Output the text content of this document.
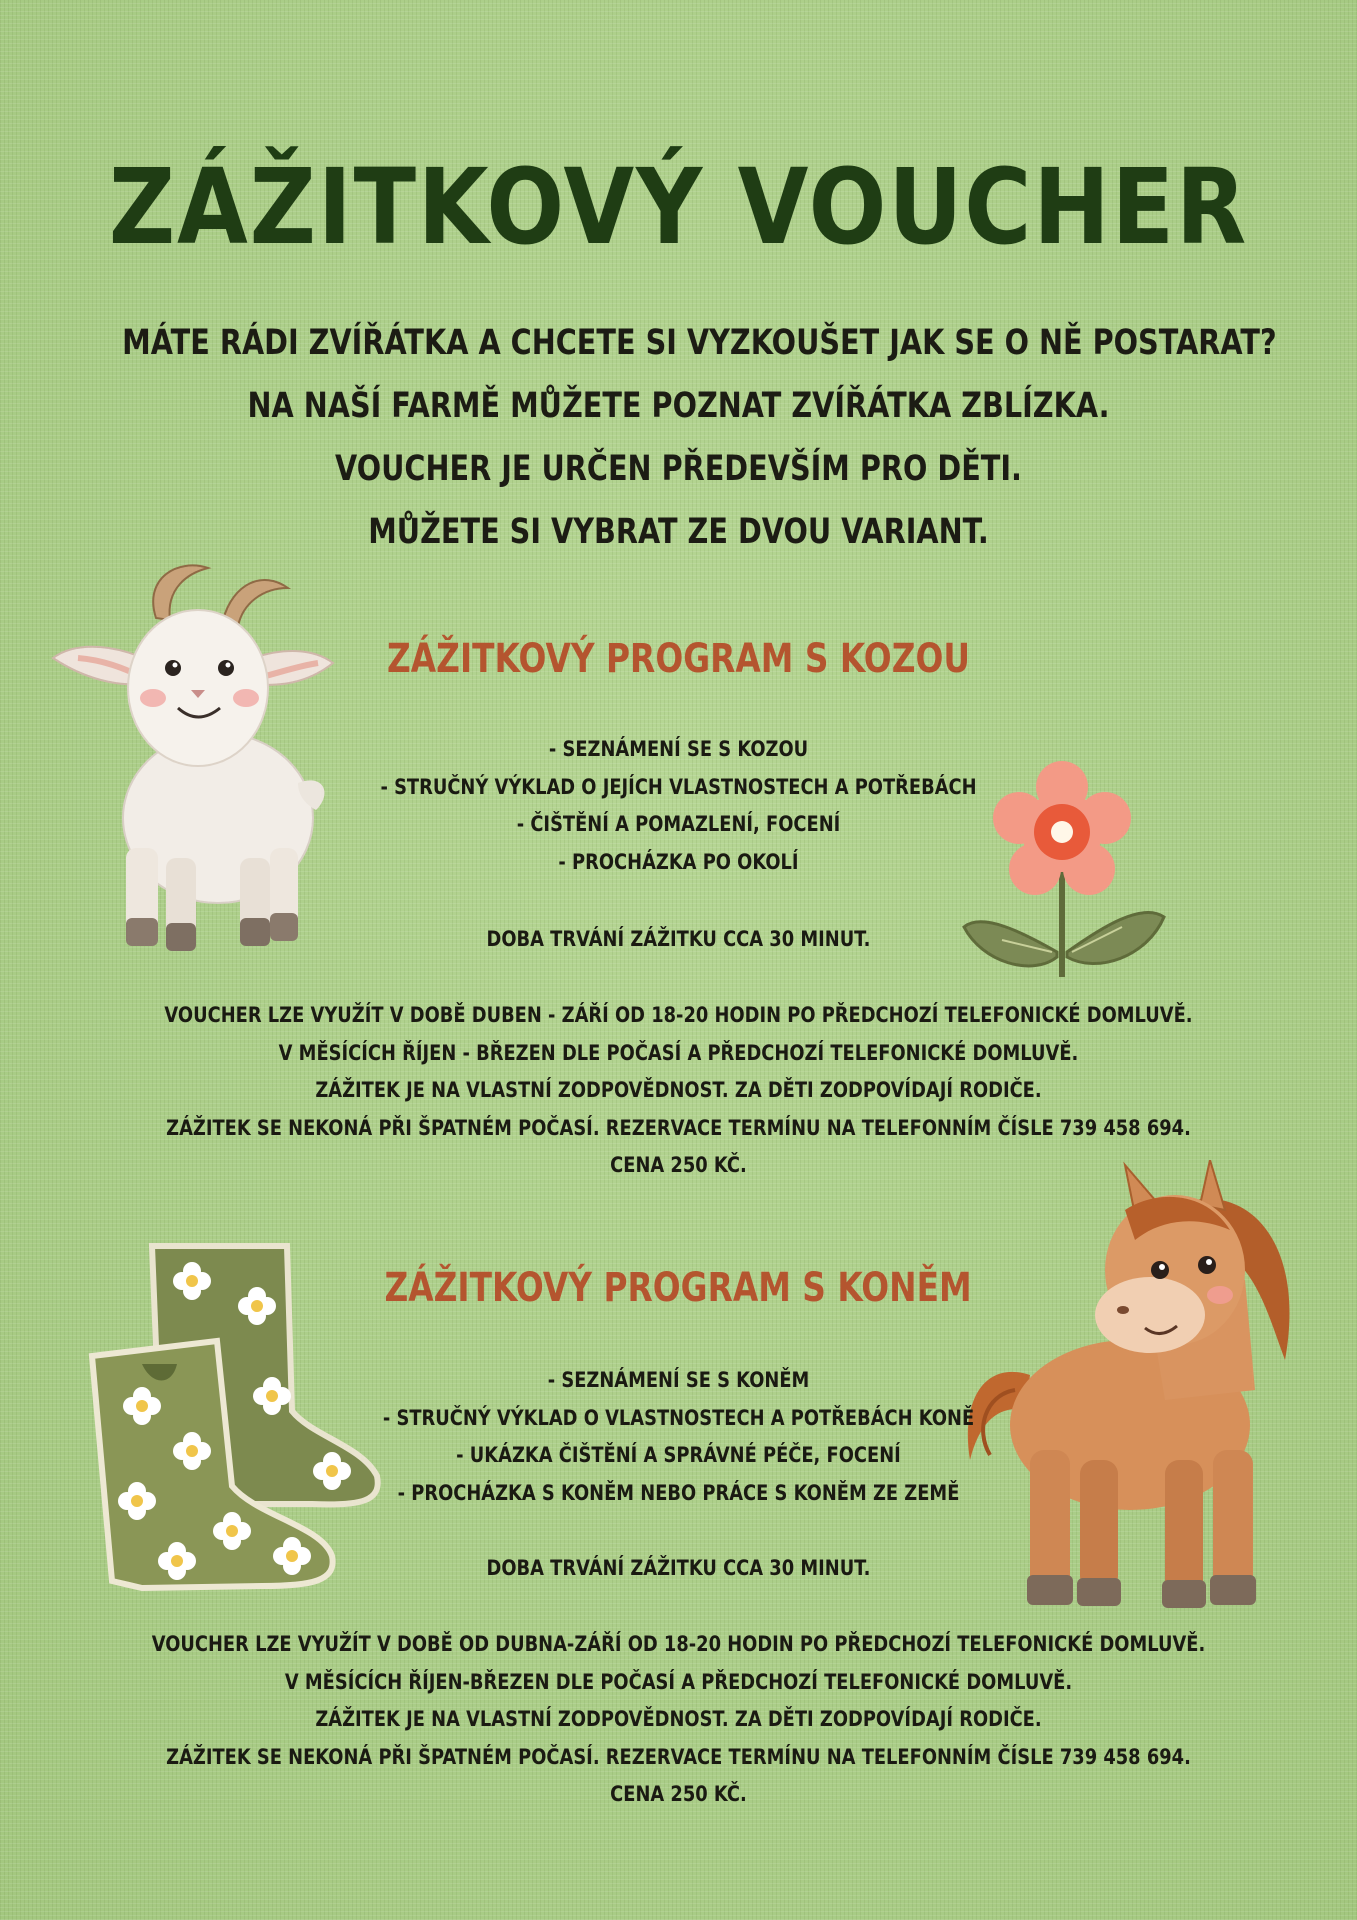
ZÁŽITKOVÝ VOUCHER
MÁTE RÁDI ZVÍŘÁTKA A CHCETE SI VYZKOUŠET JAK SE O NĚ POSTARAT?
NA NAŠÍ FARMĚ MŮŽETE POZNAT ZVÍŘÁTKA ZBLÍZKA.
VOUCHER JE URČEN PŘEDEVŠÍM PRO DĚTI.
MŮŽETE SI VYBRAT ZE DVOU VARIANT.
ZÁŽITKOVÝ PROGRAM S KOZOU
- SEZNÁMENÍ SE S KOZOU
- STRUČNÝ VÝKLAD O JEJÍCH VLASTNOSTECH A POTŘEBÁCH
- ČIŠTĚNÍ A POMAZLENÍ, FOCENÍ
- PROCHÁZKA PO OKOLÍ
DOBA TRVÁNÍ ZÁŽITKU CCA 30 MINUT.
VOUCHER LZE VYUŽÍT V DOBĚ DUBEN - ZÁŘÍ OD 18-20 HODIN PO PŘEDCHOZÍ TELEFONICKÉ DOMLUVĚ.
V MĚSÍCÍCH ŘÍJEN - BŘEZEN DLE POČASÍ A PŘEDCHOZÍ TELEFONICKÉ DOMLUVĚ.
ZÁŽITEK JE NA VLASTNÍ ZODPOVĚDNOST. ZA DĚTI ZODPOVÍDAJÍ RODIČE.
ZÁŽITEK SE NEKONÁ PŘI ŠPATNÉM POČASÍ. REZERVACE TERMÍNU NA TELEFONNÍM ČÍSLE 739 458 694.
CENA 250 KČ.
ZÁŽITKOVÝ PROGRAM S KONĚM
- SEZNÁMENÍ SE S KONĚM
- STRUČNÝ VÝKLAD O VLASTNOSTECH A POTŘEBÁCH KONĚ
- UKÁZKA ČIŠTĚNÍ A SPRÁVNÉ PÉČE, FOCENÍ
- PROCHÁZKA S KONĚM NEBO PRÁCE S KONĚM ZE ZEMĚ
DOBA TRVÁNÍ ZÁŽITKU CCA 30 MINUT.
VOUCHER LZE VYUŽÍT V DOBĚ OD DUBNA-ZÁŘÍ OD 18-20 HODIN PO PŘEDCHOZÍ TELEFONICKÉ DOMLUVĚ.
V MĚSÍCÍCH ŘÍJEN-BŘEZEN DLE POČASÍ A PŘEDCHOZÍ TELEFONICKÉ DOMLUVĚ.
ZÁŽITEK JE NA VLASTNÍ ZODPOVĚDNOST. ZA DĚTI ZODPOVÍDAJÍ RODIČE.
ZÁŽITEK SE NEKONÁ PŘI ŠPATNÉM POČASÍ. REZERVACE TERMÍNU NA TELEFONNÍM ČÍSLE 739 458 694.
CENA 250 KČ.
